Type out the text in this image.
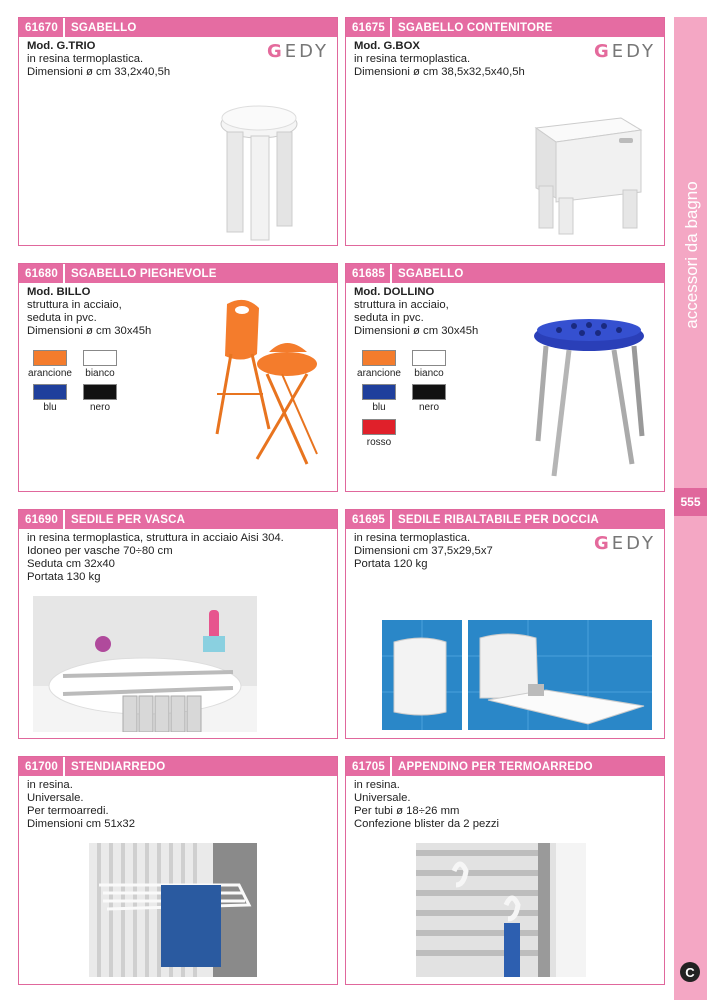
accessori da bagno
555
C
61670	SGABELLO
GEDY
Mod. G.TRIO
in resina termoplastica.
Dimensioni ø cm 33,2x40,5h
61675	SGABELLO CONTENITORE
GEDY
Mod. G.BOX
in resina termoplastica.
Dimensioni ø cm 38,5x32,5x40,5h
61680	SGABELLO PIEGHEVOLE
Mod. BILLO
struttura in acciaio,
seduta in pvc.
Dimensioni ø cm 30x45h
arancione	bianco
blu	nero
61685	SGABELLO
Mod. DOLLINO
struttura in acciaio,
seduta in pvc.
Dimensioni ø cm 30x45h
arancione	bianco
blu	nero
rosso
61690	SEDILE PER VASCA
in resina termoplastica, struttura in acciaio Aisi 304.
Idoneo per vasche 70÷80 cm
Seduta cm 32x40
Portata 130 kg
61695	SEDILE RIBALTABILE PER DOCCIA
GEDY
in resina termoplastica.
Dimensioni cm 37,5x29,5x7
Portata 120 kg
61700	STENDIARREDO
in resina.
Universale.
Per termoarredi.
Dimensioni cm 51x32
61705	APPENDINO PER TERMOARREDO
in resina.
Universale.
Per tubi ø 18÷26 mm
Confezione blister da 2 pezzi
